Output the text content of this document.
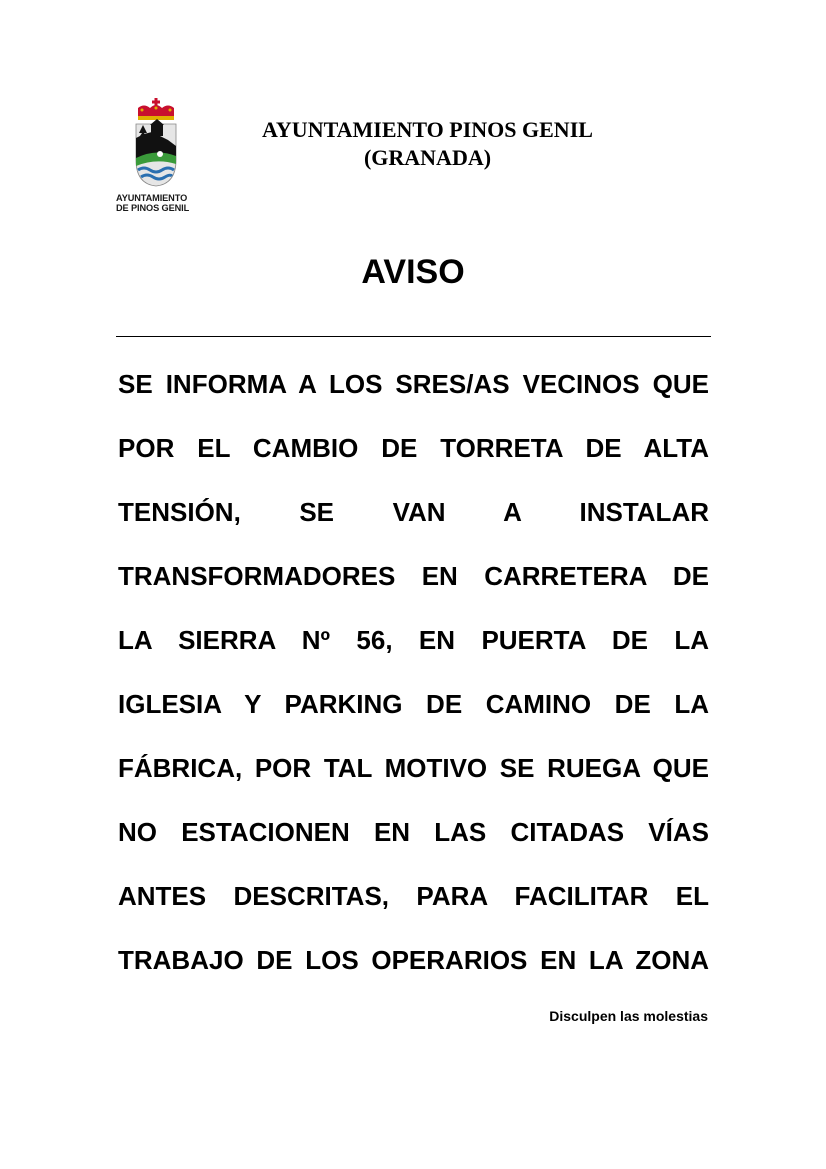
AYUNTAMIENTO
DE PINOS GENIL
AYUNTAMIENTO PINOS GENIL
(GRANADA)
AVISO
SE INFORMA A LOS SRES/AS VECINOS QUE
POR EL CAMBIO DE TORRETA DE ALTA
TENSIÓN, SE VAN A INSTALAR
TRANSFORMADORES EN CARRETERA DE
LA SIERRA Nº 56, EN PUERTA DE LA
IGLESIA Y PARKING DE CAMINO DE LA
FÁBRICA, POR TAL MOTIVO SE RUEGA QUE
NO ESTACIONEN EN LAS CITADAS VÍAS
ANTES DESCRITAS, PARA FACILITAR EL
TRABAJO DE LOS OPERARIOS EN LA ZONA
Disculpen las molestias
